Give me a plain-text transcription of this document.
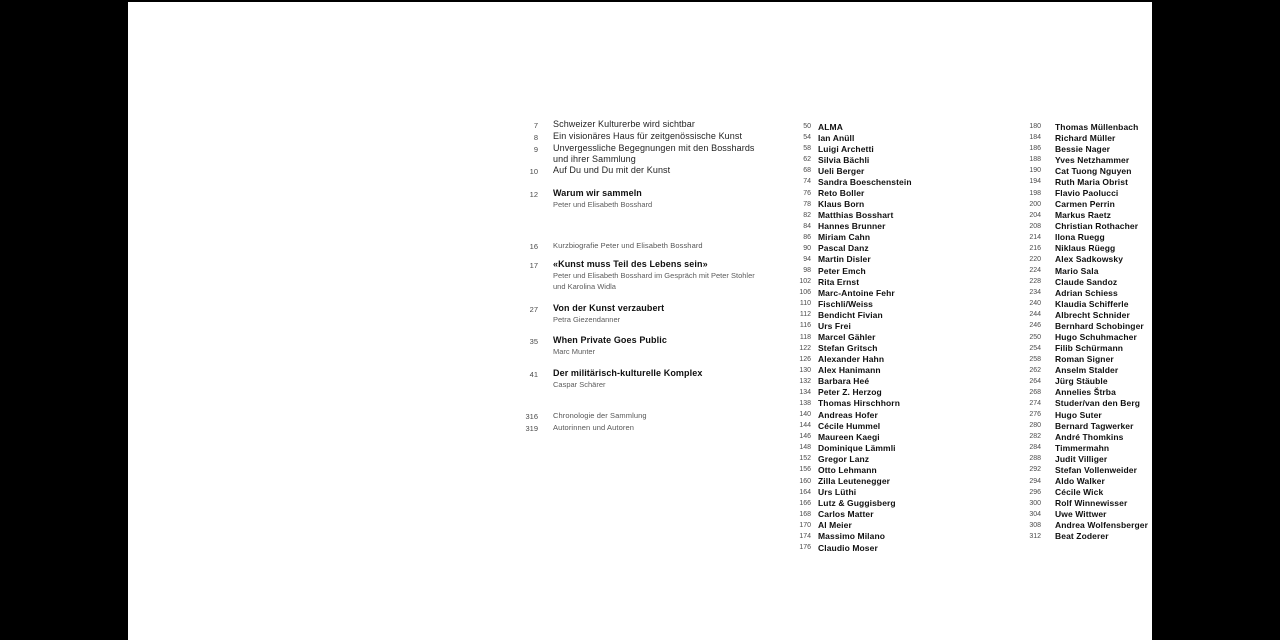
7 Schweizer Kulturerbe wird sichtbar
8 Ein visionäres Haus für zeitgenössische Kunst
9 Unvergessliche Begegnungen mit den Bosshards
und ihrer Sammlung
10 Auf Du und Du mit der Kunst
12 Warum wir sammeln
Peter und Elisabeth Bosshard
16 Kurzbiografie Peter und Elisabeth Bosshard
17 «Kunst muss Teil des Lebens sein»
Peter und Elisabeth Bosshard im Gespräch mit Peter Stohler
und Karolina Widla
27 Von der Kunst verzaubert
Petra Giezendanner
35 When Private Goes Public
Marc Munter
41 Der militärisch-kulturelle Komplex
Caspar Schärer
316 Chronologie der Sammlung
319 Autorinnen und Autoren
50 ALMA
54 Ian Anüll
58 Luigi Archetti
62 Silvia Bächli
68 Ueli Berger
74 Sandra Boeschenstein
76 Reto Boller
78 Klaus Born
82 Matthias Bosshart
84 Hannes Brunner
86 Miriam Cahn
90 Pascal Danz
94 Martin Disler
98 Peter Emch
102 Rita Ernst
106 Marc-Antoine Fehr
110 Fischli/Weiss
112 Bendicht Fivian
116 Urs Frei
118 Marcel Gähler
122 Stefan Gritsch
126 Alexander Hahn
130 Alex Hanimann
132 Barbara Heé
134 Peter Z. Herzog
138 Thomas Hirschhorn
140 Andreas Hofer
144 Cécile Hummel
146 Maureen Kaegi
148 Dominique Lämmli
152 Gregor Lanz
156 Otto Lehmann
160 Zilla Leutenegger
164 Urs Lüthi
166 Lutz & Guggisberg
168 Carlos Matter
170 Al Meier
174 Massimo Milano
176 Claudio Moser
180 Thomas Müllenbach
184 Richard Müller
186 Bessie Nager
188 Yves Netzhammer
190 Cat Tuong Nguyen
194 Ruth Maria Obrist
198 Flavio Paolucci
200 Carmen Perrin
204 Markus Raetz
208 Christian Rothacher
214 Ilona Ruegg
216 Niklaus Rüegg
220 Alex Sadkowsky
224 Mario Sala
228 Claude Sandoz
234 Adrian Schiess
240 Klaudia Schifferle
244 Albrecht Schnider
246 Bernhard Schobinger
250 Hugo Schuhmacher
254 Filib Schürmann
258 Roman Signer
262 Anselm Stalder
264 Jürg Stäuble
268 Annelies Štrba
274 Studer/van den Berg
276 Hugo Suter
280 Bernard Tagwerker
282 André Thomkins
284 Timmermahn
288 Judit Villiger
292 Stefan Vollenweider
294 Aldo Walker
296 Cécile Wick
300 Rolf Winnewisser
304 Uwe Wittwer
308 Andrea Wolfensberger
312 Beat Zoderer
